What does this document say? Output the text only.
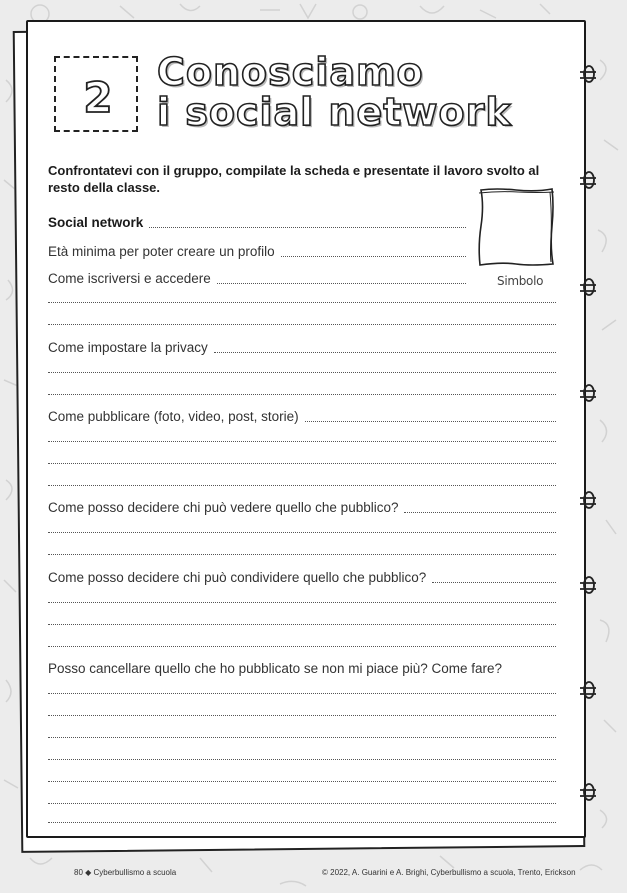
2
Conosciamo
i social network
Confrontatevi con il gruppo, compilate la scheda e presentate il lavoro svolto al resto della classe.
Simbolo
Social network
Età minima per poter creare un profilo
Come iscriversi e accedere
Come impostare la privacy
Come pubblicare (foto, video, post, storie)
Come posso decidere chi può vedere quello che pubblico?
Come posso decidere chi può condividere quello che pubblico?
Posso cancellare quello che ho pubblicato se non mi piace più? Come fare?
80 ◆ Cyberbullismo a scuola	© 2022, A. Guarini e A. Brighi, Cyberbullismo a scuola, Trento, Erickson
